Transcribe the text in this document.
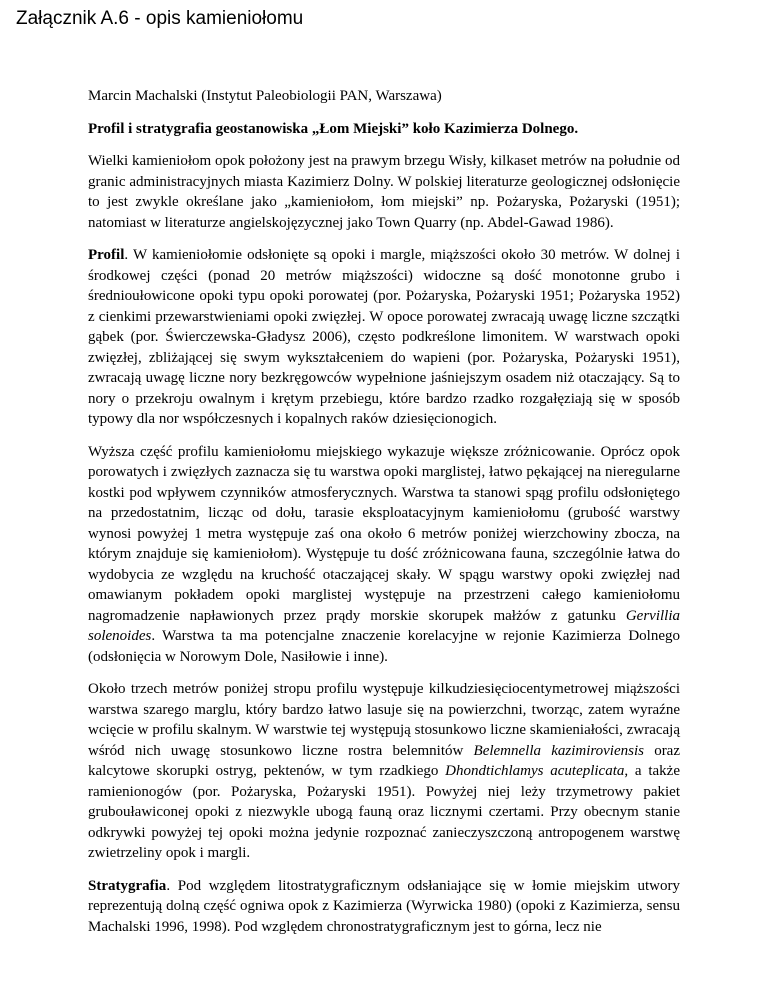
Załącznik A.6 - opis kamieniołomu

Marcin Machalski (Instytut Paleobiologii PAN, Warszawa)

Profil i stratygrafia geostanowiska „Łom Miejski” koło Kazimierza Dolnego.

Wielki kamieniołom opok położony jest na prawym brzegu Wisły, kilkaset metrów na południe od granic administracyjnych miasta Kazimierz Dolny. W polskiej literaturze geologicznej odsłonięcie to jest zwykle określane jako „kamieniołom, łom miejski” np. Pożaryska, Pożaryski (1951); natomiast w literaturze angielskojęzycznej jako Town Quarry (np. Abdel-Gawad 1986).

Profil. W kamieniołomie odsłonięte są opoki i margle, miąższości około 30 metrów. W dolnej i środkowej części (ponad 20 metrów miąższości) widoczne są dość monotonne grubo i średnioułowicone opoki typu opoki porowatej (por. Pożaryska, Pożaryski 1951; Pożaryska 1952) z cienkimi przewarstwieniami opoki zwięzłej. W opoce porowatej zwracają uwagę liczne szczątki gąbek (por. Świerczewska-Gładysz 2006), często podkreślone limonitem. W warstwach opoki zwięzłej, zbliżającej się swym wykształceniem do wapieni (por. Pożaryska, Pożaryski 1951), zwracają uwagę liczne nory bezkręgowców wypełnione jaśniejszym osadem niż otaczający. Są to nory o przekroju owalnym i krętym przebiegu, które bardzo rzadko rozgałęziają się w sposób typowy dla nor współczesnych i kopalnych raków dziesięcionogich.

Wyższa część profilu kamieniołomu miejskiego wykazuje większe zróżnicowanie. Oprócz opok porowatych i zwięzłych zaznacza się tu warstwa opoki marglistej, łatwo pękającej na nieregularne kostki pod wpływem czynników atmosferycznych. Warstwa ta stanowi spąg profilu odsłoniętego na przedostatnim, licząc od dołu, tarasie eksploatacyjnym kamieniołomu (grubość warstwy wynosi powyżej 1 metra występuje zaś ona około 6 metrów poniżej wierzchowiny zbocza, na którym znajduje się kamieniołom). Występuje tu dość zróżnicowana fauna, szczególnie łatwa do wydobycia ze względu na kruchość otaczającej skały. W spągu warstwy opoki zwięzłej nad omawianym pokładem opoki marglistej występuje na przestrzeni całego kamieniołomu nagromadzenie napławionych przez prądy morskie skorupek małżów z gatunku Gervillia solenoides. Warstwa ta ma potencjalne znaczenie korelacyjne w rejonie Kazimierza Dolnego (odsłonięcia w Norowym Dole, Nasiłowie i inne).

Około trzech metrów poniżej stropu profilu występuje kilkudziesięciocentymetrowej miąższości warstwa szarego marglu, który bardzo łatwo lasuje się na powierzchni, tworząc, zatem wyraźne wcięcie w profilu skalnym. W warstwie tej występują stosunkowo liczne skamieniałości, zwracają wśród nich uwagę stosunkowo liczne rostra belemnitów Belemnella kazimiroviensis oraz kalcytowe skorupki ostryg, pektenów, w tym rzadkiego Dhondtichlamys acuteplicata, a także ramienionogów (por. Pożaryska, Pożaryski 1951). Powyżej niej leży trzymetrowy pakiet grubouławiconej opoki z niezwykle ubogą fauną oraz licznymi czertami. Przy obecnym stanie odkrywki powyżej tej opoki można jedynie rozpoznać zanieczyszczoną antropogenem warstwę zwietrzeliny opok i margli.

Stratygrafia. Pod względem litostratygraficznym odsłaniające się w łomie miejskim utwory reprezentują dolną część ogniwa opok z Kazimierza (Wyrwicka 1980) (opoki z Kazimierza, sensu Machalski 1996, 1998). Pod względem chronostratygraficznym jest to górna, lecz nie
